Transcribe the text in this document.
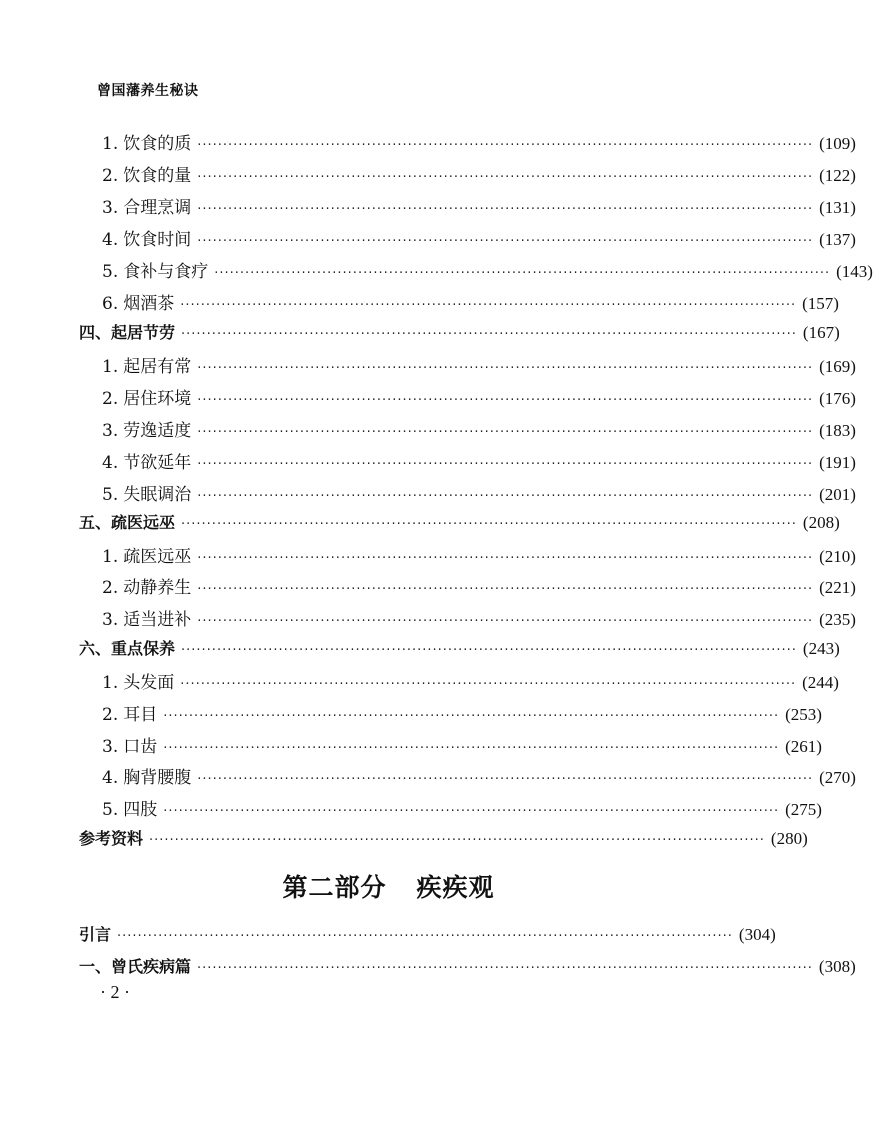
曾国藩养生秘诀
1. 饮食的质 ························································································································ (109)
2. 饮食的量 ························································································································ (122)
3. 合理烹调 ························································································································ (131)
4. 饮食时间 ························································································································ (137)
5. 食补与食疗 ························································································································ (143)
6. 烟酒茶 ························································································································ (157)
四、起居节劳 ························································································································ (167)
1. 起居有常 ························································································································ (169)
2. 居住环境 ························································································································ (176)
3. 劳逸适度 ························································································································ (183)
4. 节欲延年 ························································································································ (191)
5. 失眠调治 ························································································································ (201)
五、疏医远巫 ························································································································ (208)
1. 疏医远巫 ························································································································ (210)
2. 动静养生 ························································································································ (221)
3. 适当进补 ························································································································ (235)
六、重点保养 ························································································································ (243)
1. 头发面 ························································································································ (244)
2. 耳目 ························································································································ (253)
3. 口齿 ························································································································ (261)
4. 胸背腰腹 ························································································································ (270)
5. 四肢 ························································································································ (275)
参考资料 ························································································································ (280)
第二部分 疾疾观
引言 ························································································································ (304)
一、曾氏疾病篇 ························································································································ (308)
· 2 ·
